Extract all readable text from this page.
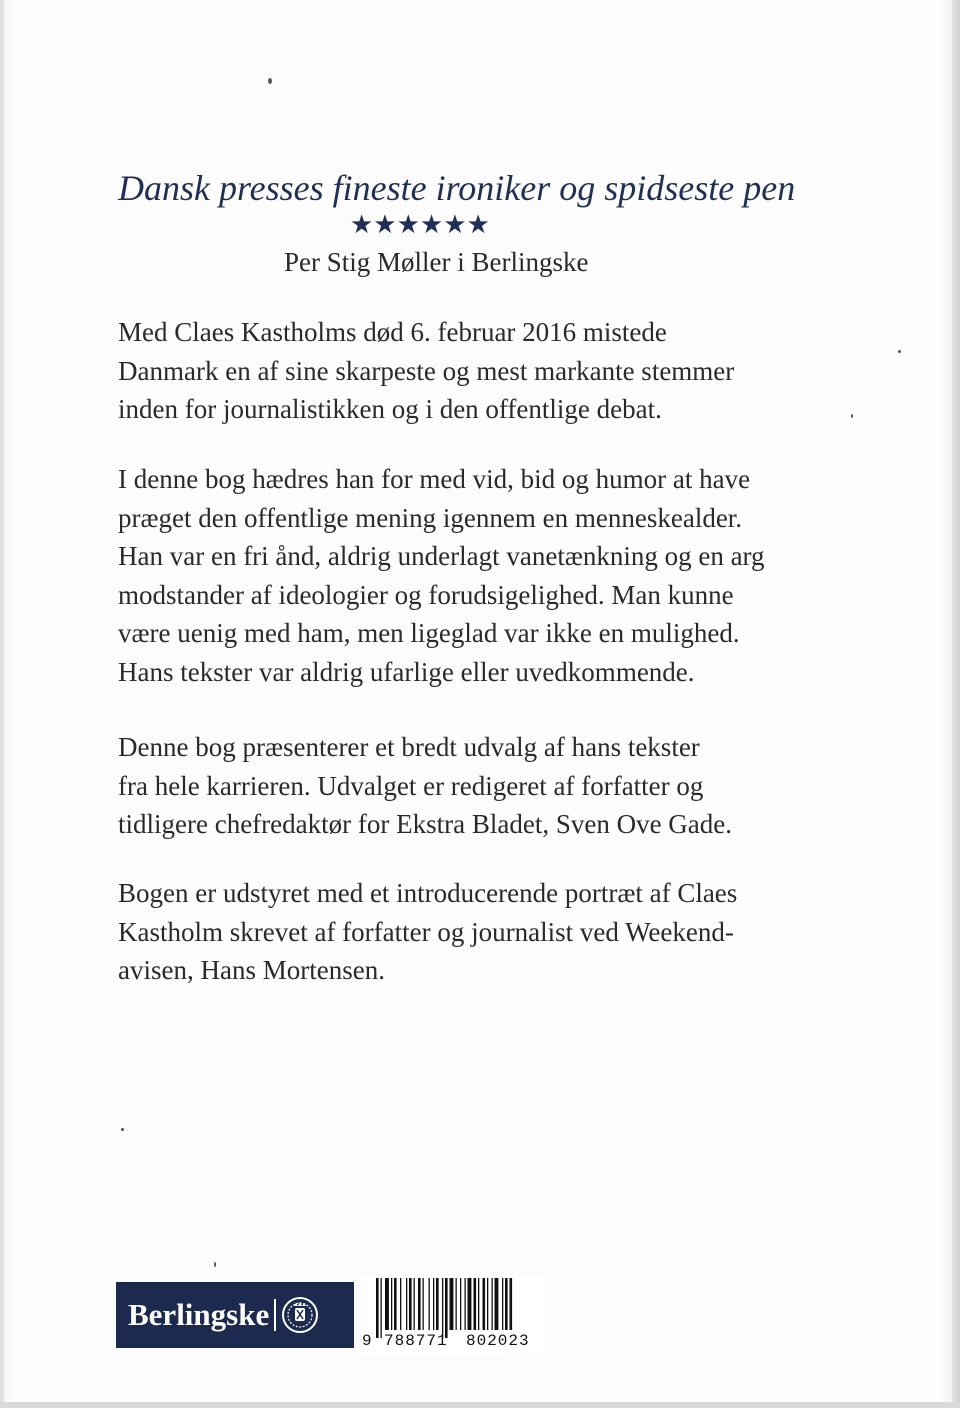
Dansk presses fineste ironiker og spidseste pen
★★★★★★
Per Stig Møller i Berlingske

Med Claes Kastholms død 6. februar 2016 mistede
Danmark en af sine skarpeste og mest markante stemmer
inden for journalistikken og i den offentlige debat.

I denne bog hædres han for med vid, bid og humor at have
præget den offentlige mening igennem en menneskealder.
Han var en fri ånd, aldrig underlagt vanetænkning og en arg
modstander af ideologier og forudsigelighed. Man kunne
være uenig med ham, men ligeglad var ikke en mulighed.
Hans tekster var aldrig ufarlige eller uvedkommende.

Denne bog præsenterer et bredt udvalg af hans tekster
fra hele karrieren. Udvalget er redigeret af forfatter og
tidligere chefredaktør for Ekstra Bladet, Sven Ove Gade.

Bogen er udstyret med et introducerende portræt af Claes
Kastholm skrevet af forfatter og journalist ved Weekend-
avisen, Hans Mortensen.

Berlingske
9 788771 802023
